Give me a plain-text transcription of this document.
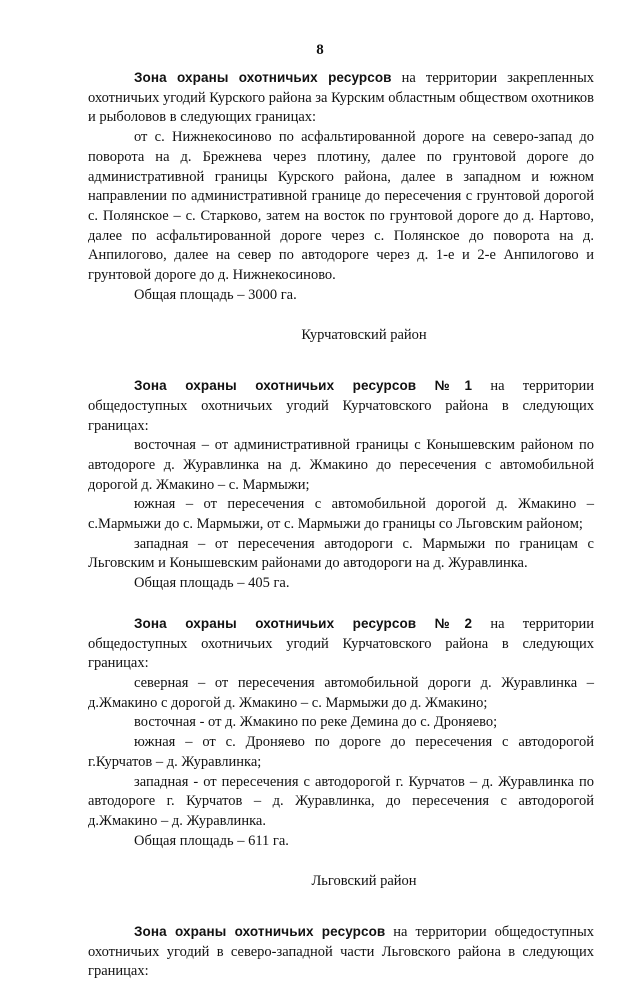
8

Зона охраны охотничьих ресурсов на территории закрепленных охотничьих угодий Курского района за Курским областным обществом охотников и рыболовов в следующих границах:

от с. Нижнекосиново по асфальтированной дороге на северо-запад до поворота на д. Брежнева через плотину, далее по грунтовой дороге до административной границы Курского района, далее в западном и южном направлении по административной границе до пересечения с грунтовой дорогой с. Полянское – с. Старково, затем на восток по грунтовой дороге до д. Нартово, далее по асфальтированной дороге через с. Полянское до поворота на д. Анпилогово, далее на север по автодороге через д. 1-е и 2-е Анпилогово и грунтовой дороге до д. Нижнекосиново.

Общая площадь – 3000 га.

Курчатовский район

Зона охраны охотничьих ресурсов №1 на территории общедоступных охотничьих угодий Курчатовского района в следующих границах:

восточная – от административной границы с Конышевским районом по автодороге д. Журавлинка на д. Жмакино до пересечения с автомобильной дорогой д. Жмакино – с. Мармыжи;

южная – от пересечения с автомобильной дорогой д. Жмакино – с.Мармыжи до с. Мармыжи, от с. Мармыжи до границы со Льговским районом;

западная – от пересечения автодороги с. Мармыжи по границам с Льговским и Конышевским районами до автодороги на д. Журавлинка.

Общая площадь – 405 га.

Зона охраны охотничьих ресурсов №2 на территории общедоступных охотничьих угодий Курчатовского района в следующих границах:

северная – от пересечения автомобильной дороги д. Журавлинка – д.Жмакино с дорогой д. Жмакино – с. Мармыжи до д. Жмакино;

восточная - от д. Жмакино по реке Демина до с. Дроняево;

южная – от с. Дроняево по дороге до пересечения с автодорогой г.Курчатов – д. Журавлинка;

западная - от пересечения с автодорогой г. Курчатов – д. Журавлинка по автодороге г. Курчатов – д. Журавлинка, до пересечения с автодорогой д.Жмакино – д. Журавлинка.

Общая площадь – 611 га.

Льговский район

Зона охраны охотничьих ресурсов на территории общедоступных охотничьих угодий в северо-западной части Льговского района в следующих границах:
